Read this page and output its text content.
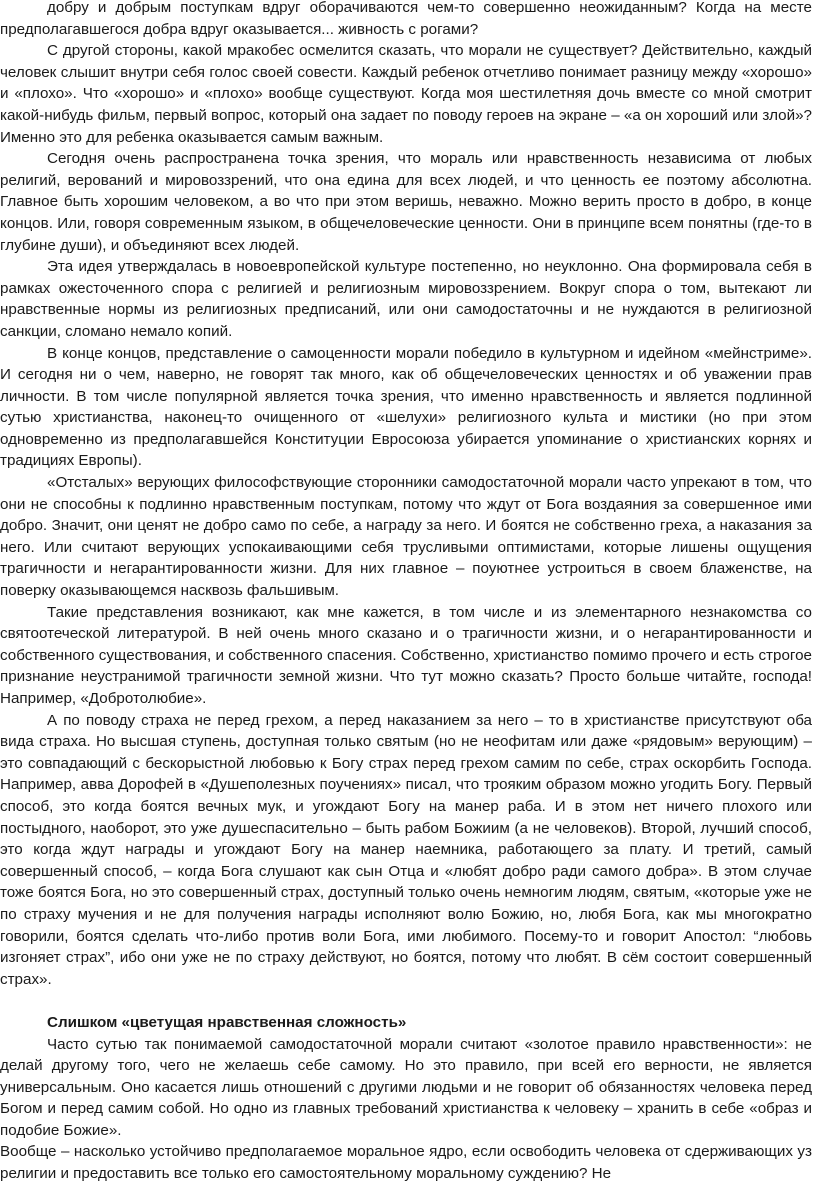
добру и добрым поступкам вдруг оборачиваются чем-то совершенно неожиданным? Когда на месте предполагавшегося добра вдруг оказывается... живность с рогами?

С другой стороны, какой мракобес осмелится сказать, что морали не существует? Действительно, каждый человек слышит внутри себя голос своей совести. Каждый ребенок отчетливо понимает разницу между «хорошо» и «плохо». Что «хорошо» и «плохо» вообще существуют. Когда моя шестилетняя дочь вместе со мной смотрит какой-нибудь фильм, первый вопрос, который она задает по поводу героев на экране – «а он хороший или злой»? Именно это для ребенка оказывается самым важным.

Сегодня очень распространена точка зрения, что мораль или нравственность независима от любых религий, верований и мировоззрений, что она едина для всех людей, и что ценность ее поэтому абсолютна. Главное быть хорошим человеком, а во что при этом веришь, неважно. Можно верить просто в добро, в конце концов. Или, говоря современным языком, в общечеловеческие ценности. Они в принципе всем понятны (где-то в глубине души), и объединяют всех людей.

Эта идея утверждалась в новоевропейской культуре постепенно, но неуклонно. Она формировала себя в рамках ожесточенного спора с религией и религиозным мировоззрением. Вокруг спора о том, вытекают ли нравственные нормы из религиозных предписаний, или они самодостаточны и не нуждаются в религиозной санкции, сломано немало копий.

В конце концов, представление о самоценности морали победило в культурном и идейном «мейнстриме». И сегодня ни о чем, наверно, не говорят так много, как об общечеловеческих ценностях и об уважении прав личности. В том числе популярной является точка зрения, что именно нравственность и является подлинной сутью христианства, наконец-то очищенного от «шелухи» религиозного культа и мистики (но при этом одновременно из предполагавшейся Конституции Евросоюза убирается упоминание о христианских корнях и традициях Европы).

«Отсталых» верующих философствующие сторонники самодостаточной морали часто упрекают в том, что они не способны к подлинно нравственным поступкам, потому что ждут от Бога воздаяния за совершенное ими добро. Значит, они ценят не добро само по себе, а награду за него. И боятся не собственно греха, а наказания за него. Или считают верующих успокаивающими себя трусливыми оптимистами, которые лишены ощущения трагичности и негарантированности жизни. Для них главное – поуютнее устроиться в своем блаженстве, на поверку оказывающемся насквозь фальшивым.

Такие представления возникают, как мне кажется, в том числе и из элементарного незнакомства со святоотеческой литературой. В ней очень много сказано и о трагичности жизни, и о негарантированности и собственного существования, и собственного спасения. Собственно, христианство помимо прочего и есть строгое признание неустранимой трагичности земной жизни. Что тут можно сказать? Просто больше читайте, господа! Например, «Добротолюбие».

А по поводу страха не перед грехом, а перед наказанием за него – то в христианстве присутствуют оба вида страха. Но высшая ступень, доступная только святым (но не неофитам или даже «рядовым» верующим) – это совпадающий с бескорыстной любовью к Богу страх перед грехом самим по себе, страх оскорбить Господа. Например, авва Дорофей в «Душеполезных поучениях» писал, что трояким образом можно угодить Богу. Первый способ, это когда боятся вечных мук, и угождают Богу на манер раба. И в этом нет ничего плохого или постыдного, наоборот, это уже душеспасительно – быть рабом Божиим (а не человеков). Второй, лучший способ, это когда ждут награды и угождают Богу на манер наемника, работающего за плату. И третий, самый совершенный способ, – когда Бога слушают как сын Отца и «любят добро ради самого добра». В этом случае тоже боятся Бога, но это совершенный страх, доступный только очень немногим людям, святым, «которые уже не по страху мучения и не для получения награды исполняют волю Божию, но, любя Бога, как мы многократно говорили, боятся сделать что-либо против воли Бога, ими любимого. Посему-то и говорит Апостол: “любовь изгоняет страх”, ибо они уже не по страху действуют, но боятся, потому что любят. В сём состоит совершенный страх».

Слишком «цветущая нравственная сложность»

Часто сутью так понимаемой самодостаточной морали считают «золотое правило нравственности»: не делай другому того, чего не желаешь себе самому. Но это правило, при всей его верности, не является универсальным. Оно касается лишь отношений с другими людьми и не говорит об обязанностях человека перед Богом и перед самим собой. Но одно из главных требований христианства к человеку – хранить в себе «образ и подобие Божие».

Вообще – насколько устойчиво предполагаемое моральное ядро, если освободить человека от сдерживающих уз религии и предоставить все только его самостоятельному моральному суждению? Не
